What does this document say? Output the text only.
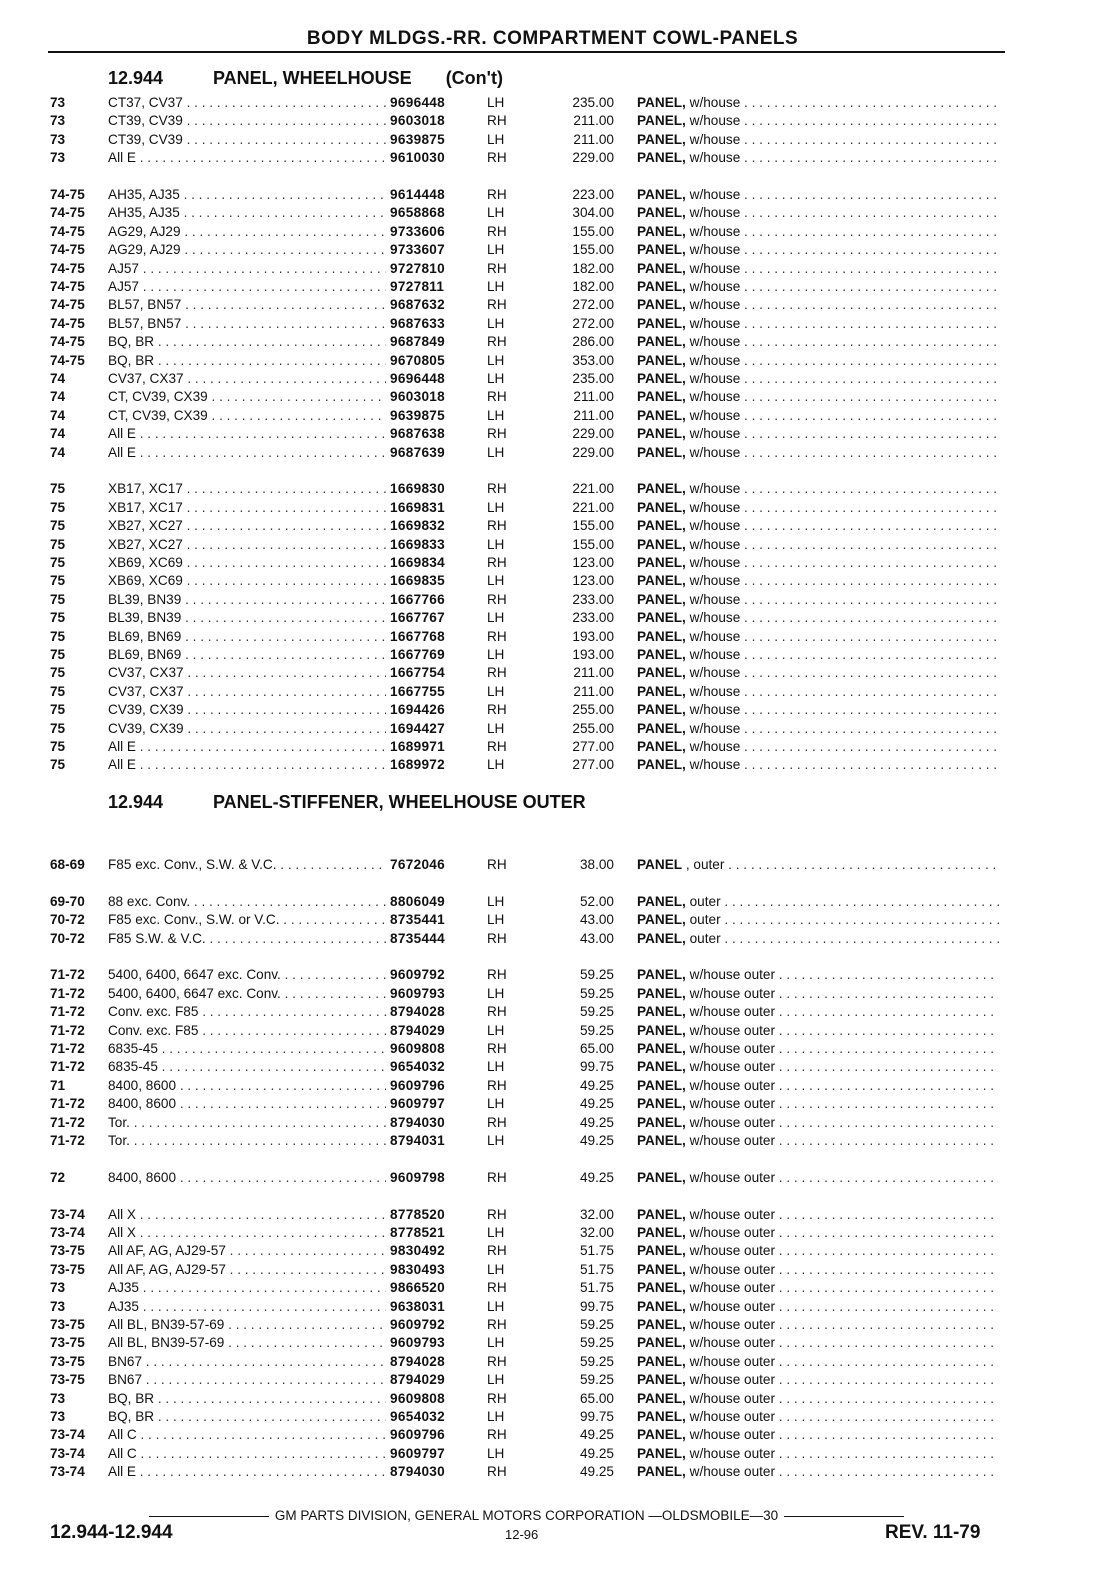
BODY MLDGS.-RR. COMPARTMENT COWL-PANELS
12.944	PANEL, WHEELHOUSE (Con't)
73	CT37, CV37 . . .	9696448	LH	235.00 PANEL, w/house . . .
73	CT39, CV39 . . .	9603018	RH	211.00 PANEL, w/house . . .
73	CT39, CV39 . . .	9639875	LH	211.00 PANEL, w/house . . .
73	All E . . .	9610030	RH	229.00 PANEL, w/house . . .
74-75 AH35, AJ35 . . .	9614448	RH	223.00 PANEL, w/house . . .
74-75 AH35, AJ35 . . .	9658868	LH	304.00 PANEL, w/house . . .
74-75 AG29, AJ29 . . .	9733606	RH	155.00 PANEL, w/house . . .
74-75 AG29, AJ29 . . .	9733607	LH	155.00 PANEL, w/house . . .
74-75 AJ57 . . .	9727810	RH	182.00 PANEL, w/house . . .
74-75 AJ57 . . .	9727811	LH	182.00 PANEL, w/house . . .
74-75 BL57, BN57 . . .	9687632	RH	272.00 PANEL, w/house . . .
74-75 BL57, BN57 . . .	9687633	LH	272.00 PANEL, w/house . . .
74-75 BQ, BR . . .	9687849	RH	286.00 PANEL, w/house . . .
74-75 BQ, BR . . .	9670805	LH	353.00 PANEL, w/house . . .
74	CV37, CX37 . . .	9696448	LH	235.00 PANEL, w/house . . .
74	CT, CV39, CX39 . . .	9603018	RH	211.00 PANEL, w/house . . .
74	CT, CV39, CX39 . . .	9639875	LH	211.00 PANEL, w/house . . .
74	All E . . .	9687638	RH	229.00 PANEL, w/house . . .
74	All E . . .	9687639	LH	229.00 PANEL, w/house . . .
75	XB17, XC17 . . .	1669830	RH	221.00 PANEL, w/house . . .
75	XB17, XC17 . . .	1669831	LH	221.00 PANEL, w/house . . .
75	XB27, XC27 . . .	1669832	RH	155.00 PANEL, w/house . . .
75	XB27, XC27 . . .	1669833	LH	155.00 PANEL, w/house . . .
75	XB69, XC69 . . .	1669834	RH	123.00 PANEL, w/house . . .
75	XB69, XC69 . . .	1669835	LH	123.00 PANEL, w/house . . .
75	BL39, BN39 . . .	1667766	RH	233.00 PANEL, w/house . . .
75	BL39, BN39 . . .	1667767	LH	233.00 PANEL, w/house . . .
75	BL69, BN69 . . .	1667768	RH	193.00 PANEL, w/house . . .
75	BL69, BN69 . . .	1667769	LH	193.00 PANEL, w/house . . .
75	CV37, CX37 . . .	1667754	RH	211.00 PANEL, w/house . . .
75	CV37, CX37 . . .	1667755	LH	211.00 PANEL, w/house . . .
75	CV39, CX39 . . .	1694426	RH	255.00 PANEL, w/house . . .
75	CV39, CX39 . . .	1694427	LH	255.00 PANEL, w/house . . .
75	All E . . .	1689971	RH	277.00 PANEL, w/house . . .
75	All E . . .	1689972	LH	277.00 PANEL, w/house . . .
12.944	PANEL-STIFFENER, WHEELHOUSE OUTER
68-69 F85 exc. Conv., S.W. & V.C. . . .	7672046	RH	38.00 PANEL , outer . . .
69-70 88 exc. Conv. . . .	8806049	LH	52.00 PANEL, outer . . .
70-72 F85 exc. Conv., S.W. or V.C. . . .	8735441	LH	43.00 PANEL, outer . . .
70-72 F85 S.W. & V.C. . . .	8735444	RH	43.00 PANEL, outer . . .
71-72 5400, 6400, 6647 exc. Conv. . . .	9609792	RH	59.25 PANEL, w/house outer . . .
71-72 5400, 6400, 6647 exc. Conv. . . .	9609793	LH	59.25 PANEL, w/house outer . . .
71-72 Conv. exc. F85 . . .	8794028	RH	59.25 PANEL, w/house outer . . .
71-72 Conv. exc. F85 . . .	8794029	LH	59.25 PANEL, w/house outer . . .
71-72 6835-45 . . .	9609808	RH	65.00 PANEL, w/house outer . . .
71-72 6835-45 . . .	9654032	LH	99.75 PANEL, w/house outer . . .
71	8400, 8600 . . .	9609796	RH	49.25 PANEL, w/house outer . . .
71-72 8400, 8600 . . .	9609797	LH	49.25 PANEL, w/house outer . . .
71-72 Tor. . . .	8794030	RH	49.25 PANEL, w/house outer . . .
71-72 Tor. . . .	8794031	LH	49.25 PANEL, w/house outer . . .
72	8400, 8600 . . .	9609798	RH	49.25 PANEL, w/house outer . . .
73-74 All X . . .	8778520	RH	32.00 PANEL, w/house outer . . .
73-74 All X . . .	8778521	LH	32.00 PANEL, w/house outer . . .
73-75 All AF, AG, AJ29-57 . . .	9830492	RH	51.75 PANEL, w/house outer . . .
73-75 All AF, AG, AJ29-57 . . .	9830493	LH	51.75 PANEL, w/house outer . . .
73	AJ35 . . .	9866520	RH	51.75 PANEL, w/house outer . . .
73	AJ35 . . .	9638031	LH	99.75 PANEL, w/house outer . . .
73-75 All BL, BN39-57-69 . . .	9609792	RH	59.25 PANEL, w/house outer . . .
73-75 All BL, BN39-57-69 . . .	9609793	LH	59.25 PANEL, w/house outer . . .
73-75 BN67 . . .	8794028	RH	59.25 PANEL, w/house outer . . .
73-75 BN67 . . .	8794029	LH	59.25 PANEL, w/house outer . . .
73	BQ, BR . . .	9609808	RH	65.00 PANEL, w/house outer . . .
73	BQ, BR . . .	9654032	LH	99.75 PANEL, w/house outer . . .
73-74 All C . . .	9609796	RH	49.25 PANEL, w/house outer . . .
73-74 All C . . .	9609797	LH	49.25 PANEL, w/house outer . . .
73-74 All E . . .	8794030	RH	49.25 PANEL, w/house outer . . .
GM PARTS DIVISION, GENERAL MOTORS CORPORATION —OLDSMOBILE—30
12.944-12.944	12-96	REV. 11-79
